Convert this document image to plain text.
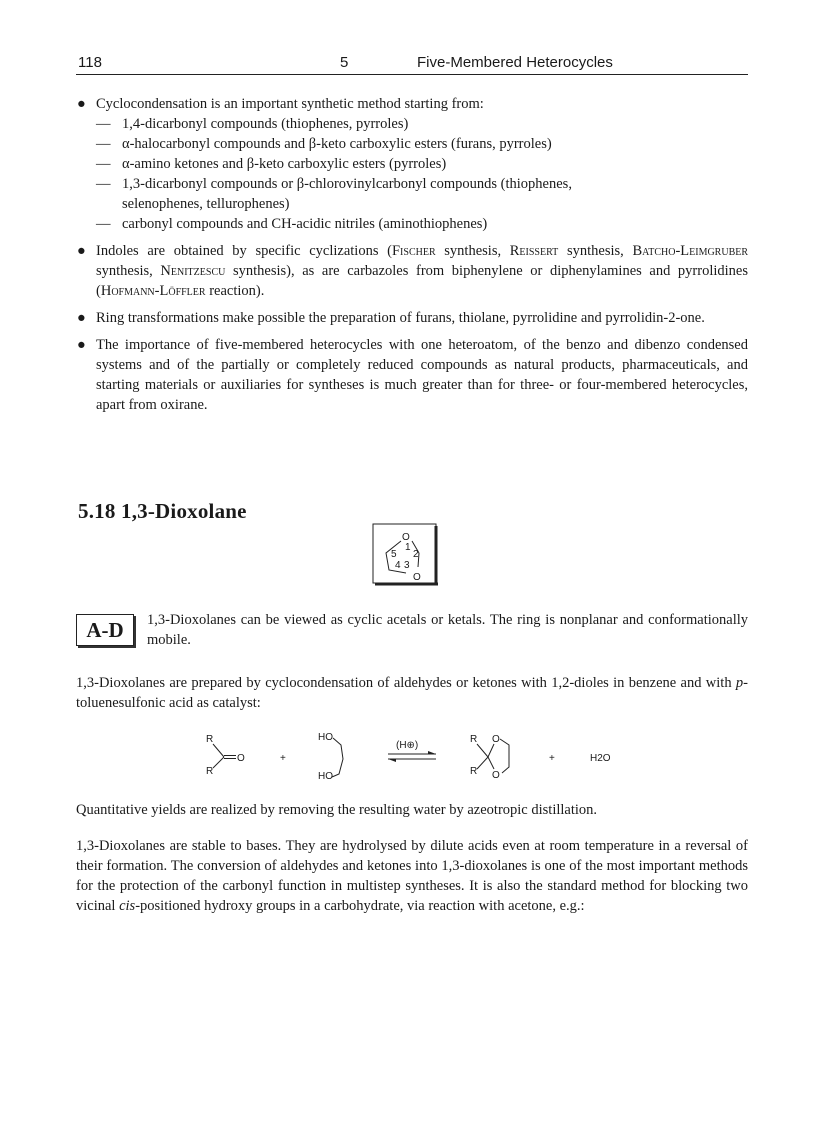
118	5	Five-Membered Heterocycles
● Cyclocondensation is an important synthetic method starting from:
— 1,4-dicarbonyl compounds (thiophenes, pyrroles)
— α-halocarbonyl compounds and β-keto carboxylic esters (furans, pyrroles)
— α-amino ketones and β-keto carboxylic esters (pyrroles)
— 1,3-dicarbonyl compounds or β-chlorovinylcarbonyl compounds (thiophenes,
selenophenes, tellurophenes)
— carbonyl compounds and CH-acidic nitriles (aminothiophenes)
● Indoles are obtained by specific cyclizations (Fischer synthesis, Reissert synthesis, Batcho-Leimgruber synthesis, Nenitzescu synthesis), as are carbazoles from biphenylene or diphenylamines and pyrrolidines (Hofmann-Löffler reaction).
● Ring transformations make possible the preparation of furans, thiolane, pyrrolidine and pyrrolidin-2-one.
● The importance of five-membered heterocycles with one heteroatom, of the benzo and dibenzo condensed systems and of the partially or completely reduced compounds as natural products, pharmaceuticals, and starting materials or auxiliaries for syntheses is much greater than for three- or four-membered heterocycles, apart from oxirane.
5.18 1,3-Dioxolane
O
O
1
2
3
4
5
A-D	1,3-Dioxolanes can be viewed as cyclic acetals or ketals. The ring is nonplanar and conformationally mobile.
1,3-Dioxolanes are prepared by cyclocondensation of aldehydes or ketones with 1,2-dioles in benzene and with p-toluenesulfonic acid as catalyst:
R
R
O	+
HO
HO
(H⊕)
R
R
O
O
+	H2O
Quantitative yields are realized by removing the resulting water by azeotropic distillation.
1,3-Dioxolanes are stable to bases. They are hydrolysed by dilute acids even at room temperature in a reversal of their formation. The conversion of aldehydes and ketones into 1,3-dioxolanes is one of the most important methods for the protection of the carbonyl function in multistep syntheses. It is also the standard method for blocking two vicinal cis-positioned hydroxy groups in a carbohydrate, via reaction with acetone, e.g.:
